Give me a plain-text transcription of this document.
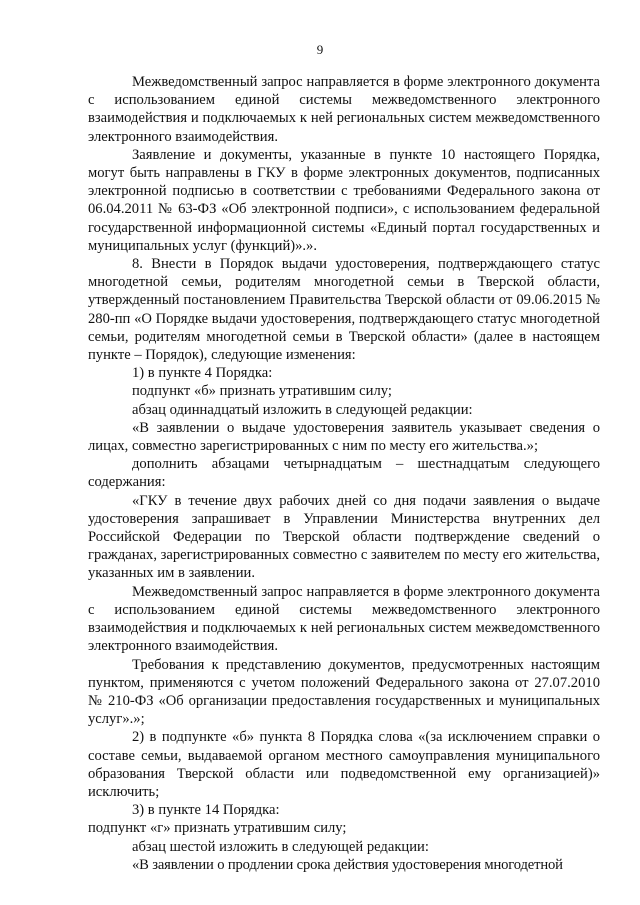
9

Межведомственный запрос направляется в форме электронного документа с использованием единой системы межведомственного электронного взаимодействия и подключаемых к ней региональных систем межведомственного электронного взаимодействия.

Заявление и документы, указанные в пункте 10 настоящего Порядка, могут быть направлены в ГКУ в форме электронных документов, подписанных электронной подписью в соответствии с требованиями Федерального закона от 06.04.2011 № 63-ФЗ «Об электронной подписи», с использованием федеральной государственной информационной системы «Единый портал государственных и муниципальных услуг (функций)».».

8. Внести в Порядок выдачи удостоверения, подтверждающего статус многодетной семьи, родителям многодетной семьи в Тверской области, утвержденный постановлением Правительства Тверской области от 09.06.2015 № 280-пп «О Порядке выдачи удостоверения, подтверждающего статус многодетной семьи, родителям многодетной семьи в Тверской области» (далее в настоящем пункте – Порядок), следующие изменения:

1) в пункте 4 Порядка:

подпункт «б» признать утратившим силу;

абзац одиннадцатый изложить в следующей редакции:

«В заявлении о выдаче удостоверения заявитель указывает сведения о лицах, совместно зарегистрированных с ним по месту его жительства.»;

дополнить абзацами четырнадцатым – шестнадцатым следующего содержания:

«ГКУ в течение двух рабочих дней со дня подачи заявления о выдаче удостоверения запрашивает в Управлении Министерства внутренних дел Российской Федерации по Тверской области подтверждение сведений о гражданах, зарегистрированных совместно с заявителем по месту его жительства, указанных им в заявлении.

Межведомственный запрос направляется в форме электронного документа с использованием единой системы межведомственного электронного взаимодействия и подключаемых к ней региональных систем межведомственного электронного взаимодействия.

Требования к представлению документов, предусмотренных настоящим пунктом, применяются с учетом положений Федерального закона от 27.07.2010 № 210-ФЗ «Об организации предоставления государственных и муниципальных услуг».»;

2) в подпункте «б» пункта 8 Порядка слова «(за исключением справки о составе семьи, выдаваемой органом местного самоуправления муниципального образования Тверской области или подведомственной ему организацией)» исключить;

3) в пункте 14 Порядка:

подпункт «г» признать утратившим силу;

абзац шестой изложить в следующей редакции:

«В заявлении о продлении срока действия удостоверения многодетной
